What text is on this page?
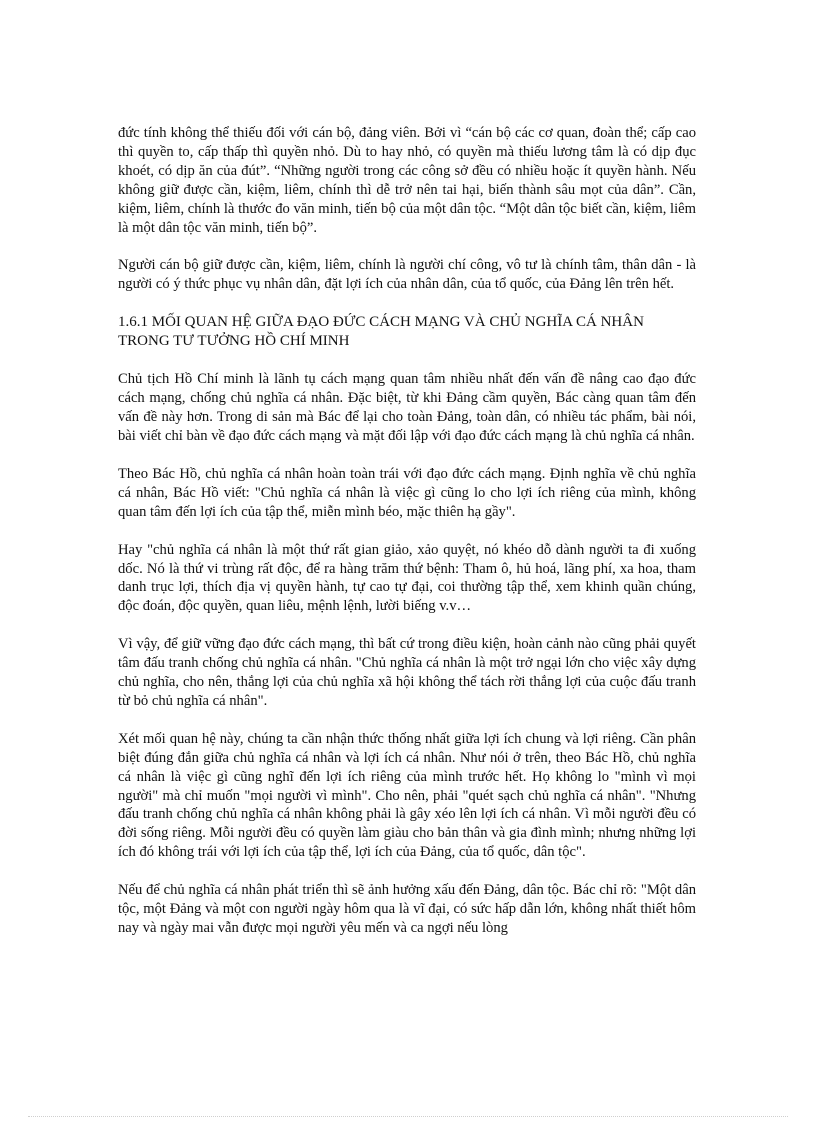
đức tính không thể thiếu đối với cán bộ, đảng viên. Bởi vì “cán bộ các cơ quan, đoàn thể; cấp cao thì quyền to, cấp thấp thì quyền nhỏ. Dù to hay nhỏ, có quyền mà thiếu lương tâm là có dịp đục khoét, có dịp ăn của đút”. “Những người trong các công sở đều có nhiều hoặc ít quyền hành. Nếu không giữ được cần, kiệm, liêm, chính thì dễ trở nên tai hại, biến thành sâu mọt của dân”. Cần, kiệm, liêm, chính là thước đo văn minh, tiến bộ của một dân tộc. “Một dân tộc biết cần, kiệm, liêm là một dân tộc văn minh, tiến bộ”.

Người cán bộ giữ được cần, kiệm, liêm, chính là người chí công, vô tư là chính tâm, thân dân - là người có ý thức phục vụ nhân dân, đặt lợi ích của nhân dân, của tổ quốc, của Đảng lên trên hết.

1.6.1 MỐI QUAN HỆ GIỮA ĐẠO ĐỨC CÁCH MẠNG VÀ CHỦ NGHĨA CÁ NHÂN TRONG TƯ TƯỞNG HỒ CHÍ MINH

Chủ tịch Hồ Chí minh là lãnh tụ cách mạng quan tâm nhiều nhất đến vấn đề nâng cao đạo đức cách mạng, chống chủ nghĩa cá nhân. Đặc biệt, từ khi Đảng cầm quyền, Bác càng quan tâm đến vấn đề này hơn. Trong di sản mà Bác để lại cho toàn Đảng, toàn dân, có nhiều tác phẩm, bài nói, bài viết chỉ bàn về đạo đức cách mạng và mặt đối lập với đạo đức cách mạng là chủ nghĩa cá nhân.

Theo Bác Hồ, chủ nghĩa cá nhân hoàn toàn trái với đạo đức cách mạng. Định nghĩa về chủ nghĩa cá nhân, Bác Hồ viết: "Chủ nghĩa cá nhân là việc gì cũng lo cho lợi ích riêng của mình, không quan tâm đến lợi ích của tập thể, miễn mình béo, mặc thiên hạ gầy".

Hay "chủ nghĩa cá nhân là một thứ rất gian giảo, xảo quyệt, nó khéo dỗ dành người ta đi xuống dốc. Nó là thứ vi trùng rất độc, để ra hàng trăm thứ bệnh: Tham ô, hủ hoá, lãng phí, xa hoa, tham danh trục lợi, thích địa vị quyền hành, tự cao tự đại, coi thường tập thể, xem khinh quần chúng, độc đoán, độc quyền, quan liêu, mệnh lệnh, lười biếng v.v…

Vì vậy, để giữ vững đạo đức cách mạng, thì bất cứ trong điều kiện, hoàn cảnh nào cũng phải quyết tâm đấu tranh chống chủ nghĩa cá nhân. "Chủ nghĩa cá nhân là một trở ngại lớn cho việc xây dựng chủ nghĩa, cho nên, thắng lợi của chủ nghĩa xã hội không thể tách rời thắng lợi của cuộc đấu tranh từ bỏ chủ nghĩa cá nhân".

Xét mối quan hệ này, chúng ta cần nhận thức thống nhất giữa lợi ích chung và lợi riêng. Cần phân biệt đúng đắn giữa chủ nghĩa cá nhân và lợi ích cá nhân. Như nói ở trên, theo Bác Hồ, chủ nghĩa cá nhân là việc gì cũng nghĩ đến lợi ích riêng của mình trước hết. Họ không lo "mình vì mọi người" mà chỉ muốn "mọi người vì mình". Cho nên, phải "quét sạch chủ nghĩa cá nhân". "Nhưng đấu tranh chống chủ nghĩa cá nhân không phải là gây xéo lên lợi ích cá nhân. Vì mỗi người đều có đời sống riêng. Mỗi người đều có quyền làm giàu cho bản thân và gia đình mình; nhưng những lợi ích đó không trái với lợi ích của tập thể, lợi ích của Đảng, của tổ quốc, dân tộc".

Nếu để chủ nghĩa cá nhân phát triển thì sẽ ảnh hưởng xấu đến Đảng, dân tộc. Bác chỉ rõ: "Một dân tộc, một Đảng và một con người ngày hôm qua là vĩ đại, có sức hấp dẫn lớn, không nhất thiết hôm nay và ngày mai vẫn được mọi người yêu mến và ca ngợi nếu lòng
